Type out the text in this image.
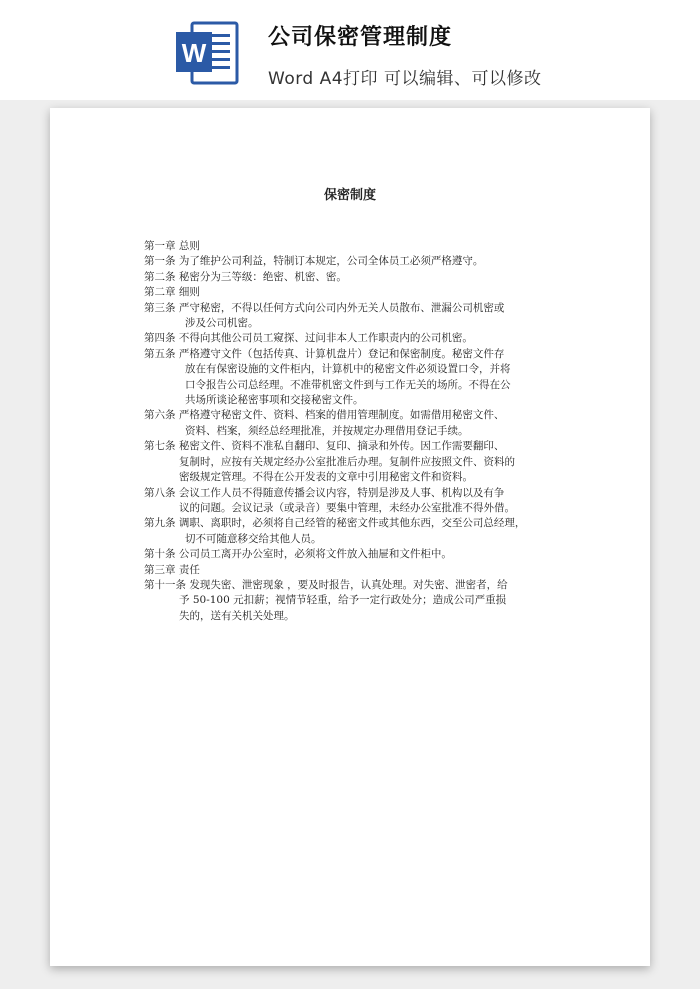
W
公司保密管理制度
Word A4打印 可以编辑、可以修改
保密制度
第一章 总则
第一条 为了维护公司利益，特制订本规定，公司全体员工必须严格遵守。
第二条 秘密分为三等级：绝密、机密、密。
第二章 细则
第三条 严守秘密，不得以任何方式向公司内外无关人员散布、泄漏公司机密或
涉及公司机密。
第四条 不得向其他公司员工窥探、过问非本人工作职责内的公司机密。
第五条 严格遵守文件（包括传真、计算机盘片）登记和保密制度。秘密文件存
放在有保密设施的文件柜内，计算机中的秘密文件必须设置口令，并将
口令报告公司总经理。不准带机密文件到与工作无关的场所。不得在公
共场所谈论秘密事项和交接秘密文件。
第六条 严格遵守秘密文件、资料、档案的借用管理制度。如需借用秘密文件、
资料、档案，须经总经理批准，并按规定办理借用登记手续。
第七条 秘密文件、资料不准私自翻印、复印、摘录和外传。因工作需要翻印、
复制时，应按有关规定经办公室批准后办理。复制件应按照文件、资料的
密级规定管理。不得在公开发表的文章中引用秘密文件和资料。
第八条 会议工作人员不得随意传播会议内容，特别是涉及人事、机构以及有争
议的问题。会议记录（或录音）要集中管理，未经办公室批准不得外借。
第九条 调职、离职时，必须将自己经管的秘密文件或其他东西，交至公司总经理，
切不可随意移交给其他人员。
第十条 公司员工离开办公室时，必须将文件放入抽屉和文件柜中。
第三章 责任
第十一条 发现失密、泄密现象 ，要及时报告，认真处理。对失密、泄密者，给
予 50-100 元扣薪；视情节轻重，给予一定行政处分；造成公司严重损
失的，送有关机关处理。
